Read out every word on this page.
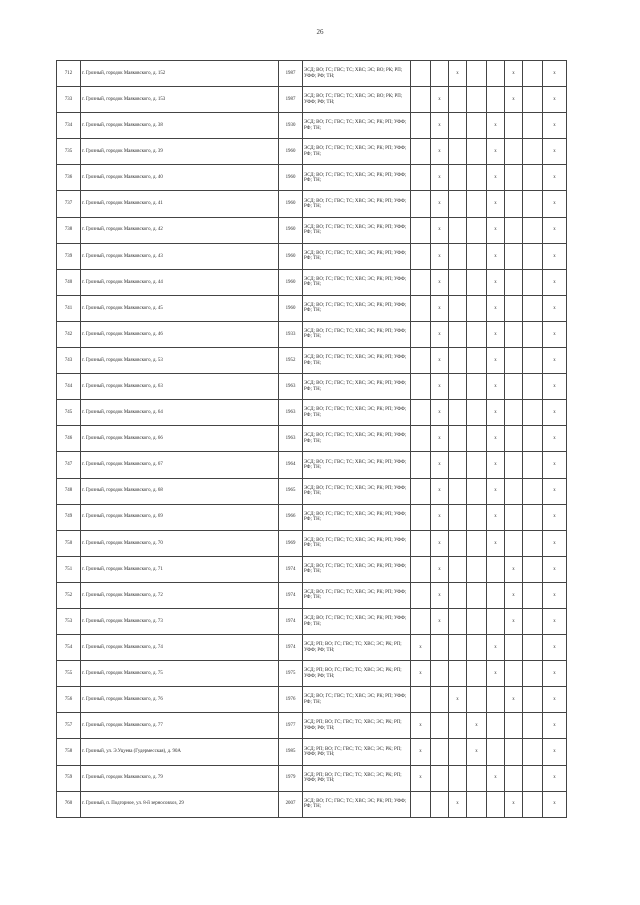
26
712	г. Грозный, городок Маяковского, д. 152	1987	ЭСД; ВО; ГС; ГВС; ТС; ХВС; ЭС; ВО; РК; РП; УФФ; РФ; ТН;			x			x		x
733	г. Грозный, городок Маяковского, д. 153	1987	ЭСД; ВО; ГС; ГВС; ТС; ХВС; ЭС; ВО; РК; РП; УФФ; РФ; ТН;		x				x		x
734	г. Грозный, городок Маяковского, д. 38	1930	ЭСД; ВО; ГС; ГВС; ТС; ХВС; ЭС; РК; РП; УФФ; РФ; ТН;		x			x			x
735	г. Грозный, городок Маяковского, д. 39	1960	ЭСД; ВО; ГС; ГВС; ТС; ХВС; ЭС; РК; РП; УФФ; РФ; ТН;		x			x			x
736	г. Грозный, городок Маяковского, д. 40	1960	ЭСД; ВО; ГС; ГВС; ТС; ХВС; ЭС; РК; РП; УФФ; РФ; ТН;		x			x			x
737	г. Грозный, городок Маяковского, д. 41	1960	ЭСД; ВО; ГС; ГВС; ТС; ХВС; ЭС; РК; РП; УФФ; РФ; ТН;		x			x			x
738	г. Грозный, городок Маяковского, д. 42	1960	ЭСД; ВО; ГС; ГВС; ТС; ХВС; ЭС; РК; РП; УФФ; РФ; ТН;		x			x			x
739	г. Грозный, городок Маяковского, д. 43	1960	ЭСД; ВО; ГС; ГВС; ТС; ХВС; ЭС; РК; РП; УФФ; РФ; ТН;		x			x			x
740	г. Грозный, городок Маяковского, д. 44	1960	ЭСД; ВО; ГС; ГВС; ТС; ХВС; ЭС; РК; РП; УФФ; РФ; ТН;		x			x			x
741	г. Грозный, городок Маяковского, д. 45	1960	ЭСД; ВО; ГС; ГВС; ТС; ХВС; ЭС; РК; РП; УФФ; РФ; ТН;		x			x			x
742	г. Грозный, городок Маяковского, д. 46	1933	ЭСД; ВО; ГС; ГВС; ТС; ХВС; ЭС; РК; РП; УФФ; РФ; ТН;		x			x			x
743	г. Грозный, городок Маяковского, д. 53	1952	ЭСД; ВО; ГС; ГВС; ТС; ХВС; ЭС; РК; РП; УФФ; РФ; ТН;		x			x			x
744	г. Грозный, городок Маяковского, д. 63	1963	ЭСД; ВО; ГС; ГВС; ТС; ХВС; ЭС; РК; РП; УФФ; РФ; ТН;		x			x			x
745	г. Грозный, городок Маяковского, д. 64	1963	ЭСД; ВО; ГС; ГВС; ТС; ХВС; ЭС; РК; РП; УФФ; РФ; ТН;		x			x			x
746	г. Грозный, городок Маяковского, д. 66	1963	ЭСД; ВО; ГС; ГВС; ТС; ХВС; ЭС; РК; РП; УФФ; РФ; ТН;		x			x			x
747	г. Грозный, городок Маяковского, д. 67	1964	ЭСД; ВО; ГС; ГВС; ТС; ХВС; ЭС; РК; РП; УФФ; РФ; ТН;		x			x			x
748	г. Грозный, городок Маяковского, д. 68	1965	ЭСД; ВО; ГС; ГВС; ТС; ХВС; ЭС; РК; РП; УФФ; РФ; ТН;		x			x			x
749	г. Грозный, городок Маяковского, д. 69	1966	ЭСД; ВО; ГС; ГВС; ТС; ХВС; ЭС; РК; РП; УФФ; РФ; ТН;		x			x			x
750	г. Грозный, городок Маяковского, д. 70	1969	ЭСД; ВО; ГС; ГВС; ТС; ХВС; ЭС; РК; РП; УФФ; РФ; ТН;		x			x			x
751	г. Грозный, городок Маяковского, д. 71	1974	ЭСД; ВО; ГС; ГВС; ТС; ХВС; ЭС; РК; РП; УФФ; РФ; ТН;		x				x		x
752	г. Грозный, городок Маяковского, д. 72	1974	ЭСД; ВО; ГС; ГВС; ТС; ХВС; ЭС; РК; РП; УФФ; РФ; ТН;		x				x		x
753	г. Грозный, городок Маяковского, д. 73	1974	ЭСД; ВО; ГС; ГВС; ТС; ХВС; ЭС; РК; РП; УФФ; РФ; ТН;		x				x		x
754	г. Грозный, городок Маяковского, д. 74	1974	ЭСД; РП; ВО; ГС; ГВС; ТС; ХВС; ЭС; РК; РП; УФФ; РФ; ТН;	x				x			x
755	г. Грозный, городок Маяковского, д. 75	1975	ЭСД; РП; ВО; ГС; ГВС; ТС; ХВС; ЭС; РК; РП; УФФ; РФ; ТН;	x				x			x
756	г. Грозный, городок Маяковского, д. 76	1976	ЭСД; ВО; ГС; ГВС; ТС; ХВС; ЭС; РК; РП; УФФ; РФ; ТН;			x			x		x
757	г. Грозный, городок Маяковского, д. 77	1977	ЭСД; РП; ВО; ГС; ГВС; ТС; ХВС; ЭС; РК; РП; УФФ; РФ; ТН;	x			x				x
758	г. Грозный, ул. Э.Уцуева (Гудермесская), д. 90А	1985	ЭСД; РП; ВО; ГС; ГВС; ТС; ХВС; ЭС; РК; РП; УФФ; РФ; ТН;	x			x				x
759	г. Грозный, городок Маяковского, д. 79	1979	ЭСД; РП; ВО; ГС; ГВС; ТС; ХВС; ЭС; РК; РП; УФФ; РФ; ТН;	x				x			x
760	г. Грозный, п. Подгорное, ул. 8-й зерносовхоз, 29	2007	ЭСД; ВО; ГС; ГВС; ТС; ХВС; ЭС; РК; РП; УФФ; РФ; ТН;			x			x		x
